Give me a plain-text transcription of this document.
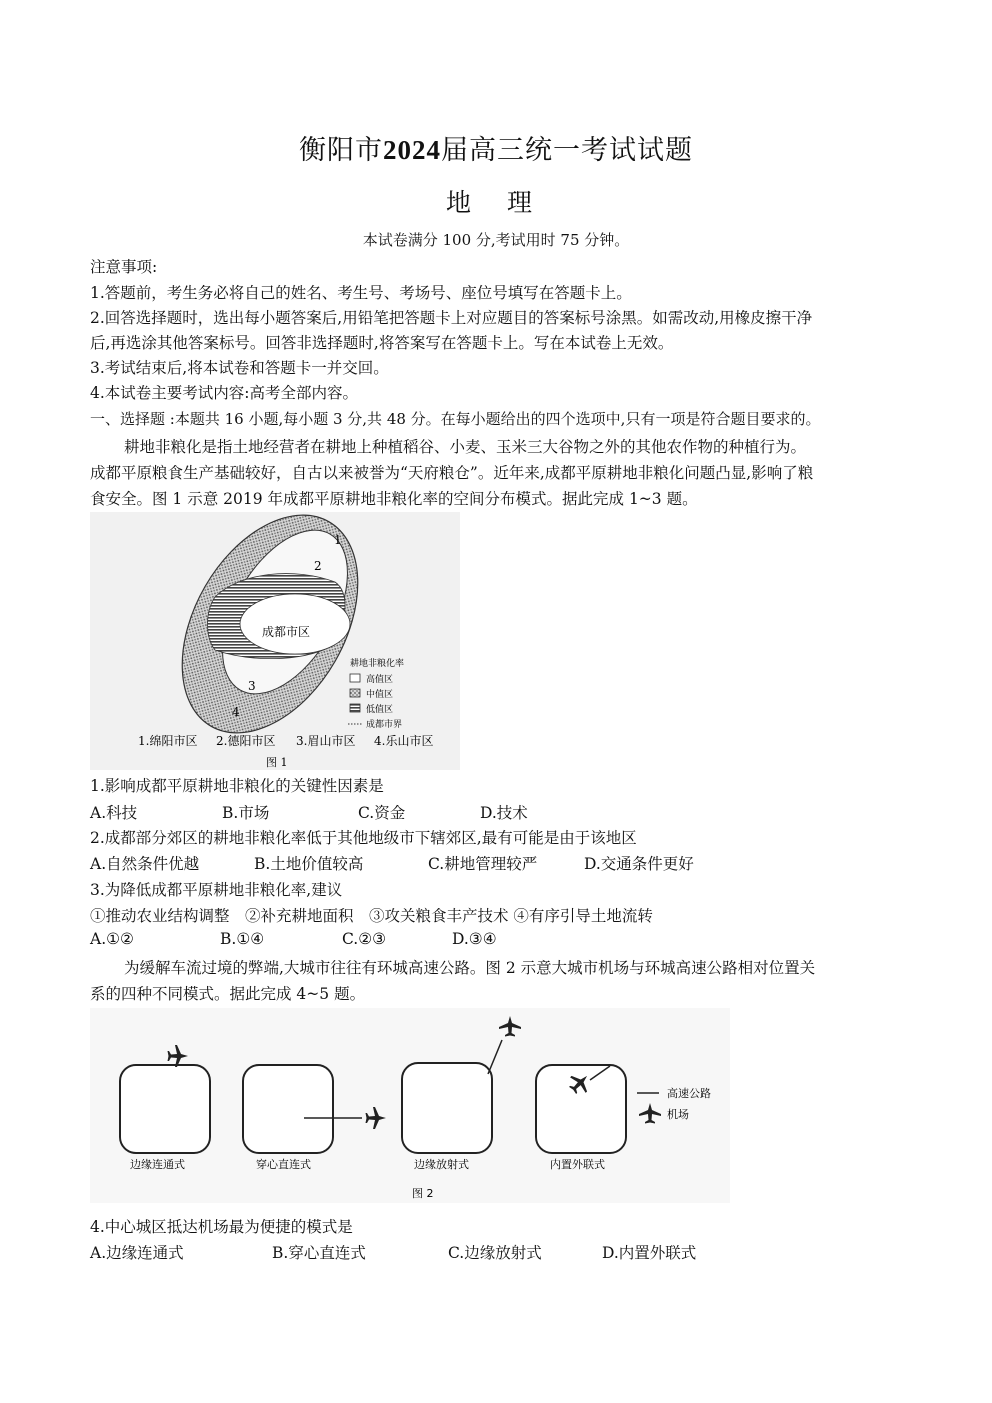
衡阳市2024届高三统一考试试题
地 理
本试卷满分 100 分,考试用时 75 分钟。
注意事项:
1.答题前，考生务必将自己的姓名、考生号、考场号、座位号填写在答题卡上。
2.回答选择题时，选出每小题答案后,用铅笔把答题卡上对应题目的答案标号涂黑。如需改动,用橡皮擦干净
后,再选涂其他答案标号。回答非选择题时,将答案写在答题卡上。写在本试卷上无效。
3.考试结束后,将本试卷和答题卡一并交回。
4.本试卷主要考试内容:高考全部内容。
一、选择题 :本题共 16 小题,每小题 3 分,共 48 分。在每小题给出的四个选项中,只有一项是符合题目要求的。
耕地非粮化是指土地经营者在耕地上种植稻谷、小麦、玉米三大谷物之外的其他农作物的种植行为。
成都平原粮食生产基础较好，自古以来被誉为“天府粮仓”。近年来,成都平原耕地非粮化问题凸显,影响了粮
食安全。图 1 示意 2019 年成都平原耕地非粮化率的空间分布模式。据此完成 1~3 题。
成都市区
1
2
3
4
耕地非粮化率
高值区
中值区
低值区
成都市界
1.绵阳市区 2.德阳市区 3.眉山市区 4.乐山市区
图 1
1.影响成都平原耕地非粮化的关键性因素是
A.科技	B.市场	C.资金	D.技术
2.成都部分郊区的耕地非粮化率低于其他地级市下辖郊区,最有可能是由于该地区
A.自然条件优越	B.土地价值较高	C.耕地管理较严	D.交通条件更好
3.为降低成都平原耕地非粮化率,建议
①推动农业结构调整　②补充耕地面积　③攻关粮食丰产技术 ④有序引导土地流转
A.①②	B.①④	C.②③	D.③④
为缓解车流过境的弊端,大城市往往有环城高速公路。图 2 示意大城市机场与环城高速公路相对位置关
系的四种不同模式。据此完成 4~5 题。
高速公路
机场
边缘连通式	穿心直连式	边缘放射式	内置外联式
图 2
4.中心城区抵达机场最为便捷的模式是
A.边缘连通式	B.穿心直连式	C.边缘放射式	D.内置外联式
